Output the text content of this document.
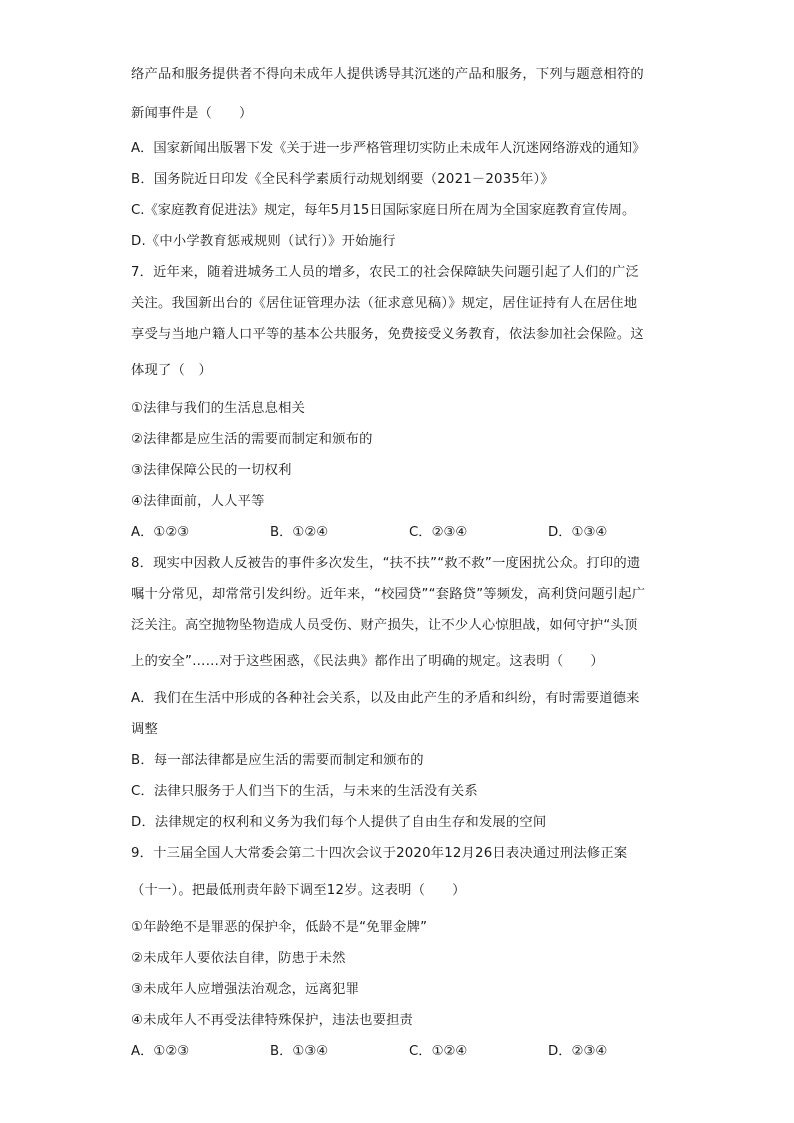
络产品和服务提供者不得向未成年人提供诱导其沉迷的产品和服务，下列与题意相符的
新闻事件是（　　）
A．国家新闻出版署下发《关于进一步严格管理切实防止未成年人沉迷网络游戏的通知》
B．国务院近日印发《全民科学素质行动规划纲要（2021－2035年）》
C.《家庭教育促进法》规定，每年5月15日国际家庭日所在周为全国家庭教育宣传周。
D.《中小学教育惩戒规则（试行）》开始施行
7．近年来，随着进城务工人员的增多，农民工的社会保障缺失问题引起了人们的广泛
关注。我国新出台的《居住证管理办法（征求意见稿）》规定，居住证持有人在居住地
享受与当地户籍人口平等的基本公共服务，免费接受义务教育，依法参加社会保险。这
体现了（　）
①法律与我们的生活息息相关
②法律都是应生活的需要而制定和颁布的
③法律保障公民的一切权利
④法律面前，人人平等
A．①②③	B．①②④	C．②③④	D．①③④
8．现实中因救人反被告的事件多次发生，“扶不扶”“救不救”一度困扰公众。打印的遗
嘱十分常见，却常常引发纠纷。近年来，“校园贷”“套路贷”等频发，高利贷问题引起广
泛关注。高空抛物坠物造成人员受伤、财产损失，让不少人心惊胆战，如何守护“头顶
上的安全”……对于这些困惑，《民法典》都作出了明确的规定。这表明（　　）
A．我们在生活中形成的各种社会关系，以及由此产生的矛盾和纠纷，有时需要道德来
调整
B．每一部法律都是应生活的需要而制定和颁布的
C．法律只服务于人们当下的生活，与未来的生活没有关系
D．法律规定的权利和义务为我们每个人提供了自由生存和发展的空间
9．十三届全国人大常委会第二十四次会议于2020年12月26日表决通过刑法修正案
（十一）。把最低刑责年龄下调至12岁。这表明（　　）
①年龄绝不是罪恶的保护伞，低龄不是“免罪金牌”
②未成年人要依法自律，防患于未然
③未成年人应增强法治观念，远离犯罪
④未成年人不再受法律特殊保护，违法也要担责
A．①②③	B．①③④	C．①②④	D．②③④
